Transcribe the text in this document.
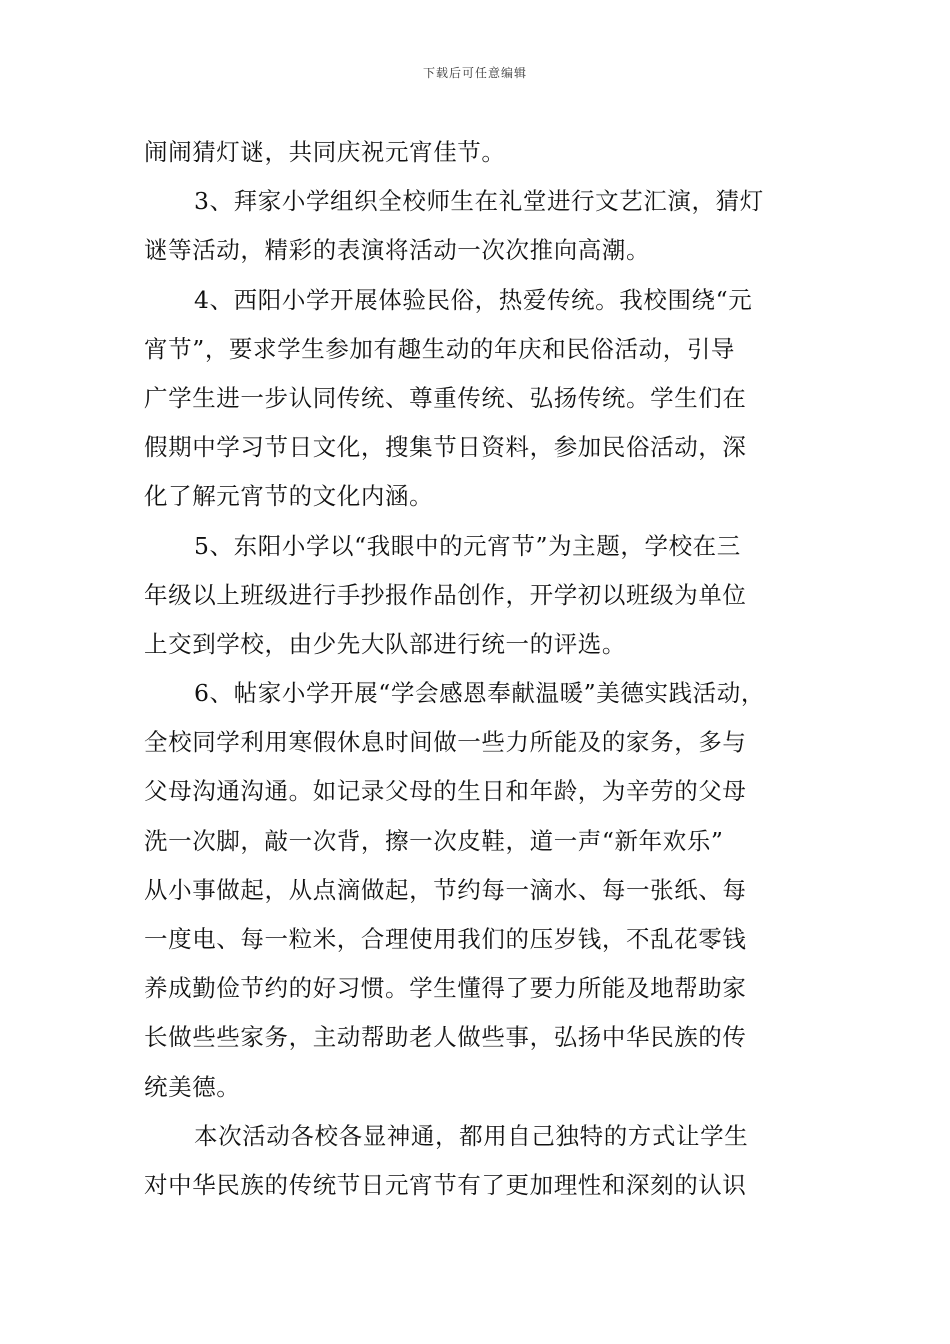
下载后可任意编辑
闹闹猜灯谜，共同庆祝元宵佳节。
3、拜家小学组织全校师生在礼堂进行文艺汇演，猜灯
谜等活动，精彩的表演将活动一次次推向高潮。
4、西阳小学开展体验民俗，热爱传统。我校围绕“元
宵节”，要求学生参加有趣生动的年庆和民俗活动，引导
广学生进一步认同传统、尊重传统、弘扬传统。学生们在
假期中学习节日文化，搜集节日资料，参加民俗活动，深
化了解元宵节的文化内涵。
5、东阳小学以“我眼中的元宵节”为主题，学校在三
年级以上班级进行手抄报作品创作，开学初以班级为单位
上交到学校，由少先大队部进行统一的评选。
6、帖家小学开展“学会感恩奉献温暖”美德实践活动，
全校同学利用寒假休息时间做一些力所能及的家务，多与
父母沟通沟通。如记录父母的生日和年龄，为辛劳的父母
洗一次脚，敲一次背，擦一次皮鞋，道一声“新年欢乐”
从小事做起，从点滴做起，节约每一滴水、每一张纸、每
一度电、每一粒米，合理使用我们的压岁钱，不乱花零钱
养成勤俭节约的好习惯。学生懂得了要力所能及地帮助家
长做些些家务，主动帮助老人做些事，弘扬中华民族的传
统美德。
本次活动各校各显神通，都用自己独特的方式让学生
对中华民族的传统节日元宵节有了更加理性和深刻的认识
